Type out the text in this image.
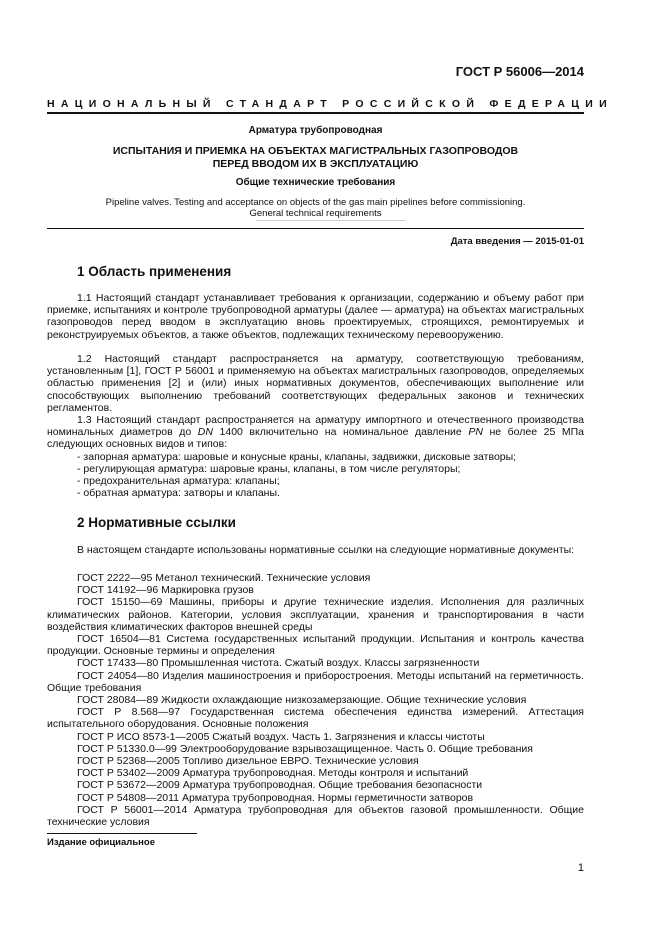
ГОСТ Р 56006—2014
НАЦИОНАЛЬНЫЙ СТАНДАРТ РОССИЙСКОЙ ФЕДЕРАЦИИ
Арматура трубопроводная
ИСПЫТАНИЯ И ПРИЕМКА НА ОБЪЕКТАХ МАГИСТРАЛЬНЫХ ГАЗОПРОВОДОВ
ПЕРЕД ВВОДОМ ИХ В ЭКСПЛУАТАЦИЮ
Общие технические требования
Pipeline valves. Testing and acceptance on objects of the gas main pipelines before commissioning.
General technical requirements
Дата введения — 2015-01-01
1 Область применения
1.1 Настоящий стандарт устанавливает требования к организации, содержанию и объему работ при приемке, испытаниях и контроле трубопроводной арматуры (далее — арматура) на объектах магистральных газопроводов перед вводом в эксплуатацию вновь проектируемых, строящихся, ремонтируемых и реконструируемых объектов, а также объектов, подлежащих техническому перевооружению.
1.2 Настоящий стандарт распространяется на арматуру, соответствующую требованиям, установленным [1], ГОСТ Р 56001 и применяемую на объектах магистральных газопроводов, определяемых областью применения [2] и (или) иных нормативных документов, обеспечивающих выполнение или способствующих выполнению требований соответствующих федеральных законов и технических регламентов.
1.3 Настоящий стандарт распространяется на арматуру импортного и отечественного производства номинальных диаметров до DN 1400 включительно на номинальное давление PN не более 25 МПа следующих основных видов и типов:
- запорная арматура: шаровые и конусные краны, клапаны, задвижки, дисковые затворы;
- регулирующая арматура: шаровые краны, клапаны, в том числе регуляторы;
- предохранительная арматура: клапаны;
- обратная арматура: затворы и клапаны.
2 Нормативные ссылки
В настоящем стандарте использованы нормативные ссылки на следующие нормативные документы:
ГОСТ 2222—95 Метанол технический. Технические условия
ГОСТ 14192—96 Маркировка грузов
ГОСТ 15150—69 Машины, приборы и другие технические изделия. Исполнения для различных климатических районов. Категории, условия эксплуатации, хранения и транспортирования в части воздействия климатических факторов внешней среды
ГОСТ 16504—81 Система государственных испытаний продукции. Испытания и контроль качества продукции. Основные термины и определения
ГОСТ 17433—80 Промышленная чистота. Сжатый воздух. Классы загрязненности
ГОСТ 24054—80 Изделия машиностроения и приборостроения. Методы испытаний на герметичность. Общие требования
ГОСТ 28084—89 Жидкости охлаждающие низкозамерзающие. Общие технические условия
ГОСТ Р 8.568—97 Государственная система обеспечения единства измерений. Аттестация испытательного оборудования. Основные положения
ГОСТ Р ИСО 8573-1—2005 Сжатый воздух. Часть 1. Загрязнения и классы чистоты
ГОСТ Р 51330.0—99 Электрооборудование взрывозащищенное. Часть 0. Общие требования
ГОСТ Р 52368—2005 Топливо дизельное ЕВРО. Технические условия
ГОСТ Р 53402—2009 Арматура трубопроводная. Методы контроля и испытаний
ГОСТ Р 53672—2009 Арматура трубопроводная. Общие требования безопасности
ГОСТ Р 54808—2011 Арматура трубопроводная. Нормы герметичности затворов
ГОСТ Р 56001—2014 Арматура трубопроводная для объектов газовой промышленности. Общие технические условия
Издание официальное
1
